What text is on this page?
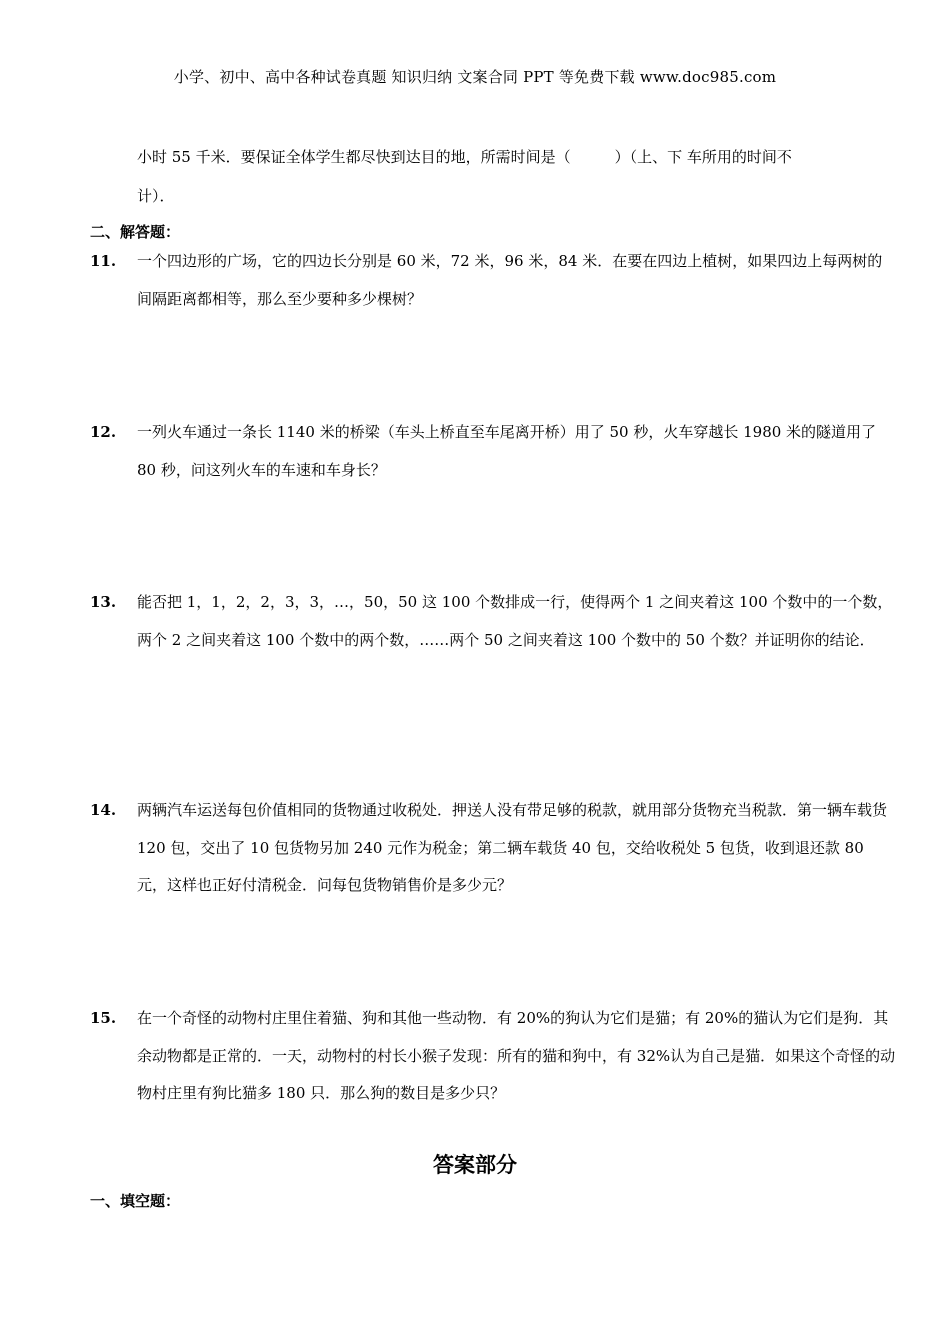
小学、初中、高中各种试卷真题 知识归纳 文案合同 PPT 等免费下载 www.doc985.com
小时 55 千米．要保证全体学生都尽快到达目的地，所需时间是（	）（上、下 车所用的时间不
计）．
二、解答题：
11. 一个四边形的广场，它的四边长分别是 60 米，72 米，96 米，84 米．在要在四边上植树，如果四边上每两树的间隔距离都相等，那么至少要种多少棵树？
12. 一列火车通过一条长 1140 米的桥梁（车头上桥直至车尾离开桥）用了 50 秒，火车穿越长 1980 米的隧道用了 80 秒，问这列火车的车速和车身长？
13. 能否把 1，1，2，2，3，3，…，50，50 这 100 个数排成一行，使得两个 1 之间夹着这 100 个数中的一个数，两个 2 之间夹着这 100 个数中的两个数，……两个 50 之间夹着这 100 个数中的 50 个数？并证明你的结论．
14. 两辆汽车运送每包价值相同的货物通过收税处．押送人没有带足够的税款，就用部分货物充当税款．第一辆车载货 120 包，交出了 10 包货物另加 240 元作为税金；第二辆车载货 40 包，交给收税处 5 包货，收到退还款 80 元，这样也正好付清税金．问每包货物销售价是多少元？
15. 在一个奇怪的动物村庄里住着猫、狗和其他一些动物．有 20%的狗认为它们是猫；有 20%的猫认为它们是狗．其余动物都是正常的．一天，动物村的村长小猴子发现：所有的猫和狗中，有 32%认为自己是猫．如果这个奇怪的动物村庄里有狗比猫多 180 只．那么狗的数目是多少只？
答案部分
一、填空题：
